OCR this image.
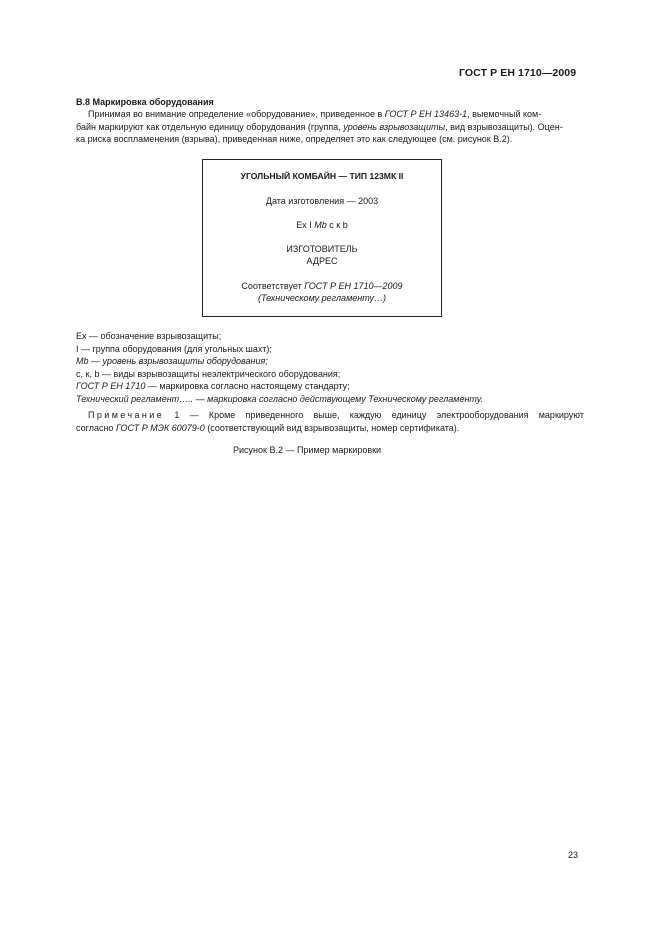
ГОСТ Р ЕН 1710—2009
В.8 Маркировка оборудования
Принимая во внимание определение «оборудование», приведенное в ГОСТ Р ЕН 13463-1, выемочный ком-
байн маркируют как отдельную единицу оборудования (группа, уровень взрывозащиты, вид взрывозащиты). Оцен-
ка риска воспламенения (взрыва), приведенная ниже, определяет это как следующее (см. рисунок В.2).
УГОЛЬНЫЙ КОМБАЙН — ТИП 123МК II
Дата изготовления — 2003
Ex I Mb c к b
ИЗГОТОВИТЕЛЬ
АДРЕС
Соответствует ГОСТ Р ЕН 1710—2009
(Техническому регламенту…)
Ex — обозначение взрывозащиты;
I — группа оборудования (для угольных шахт);
Mb — уровень взрывозащиты оборудования;
c, к, b — виды взрывозащиты неэлектрического оборудования;
ГОСТ Р ЕН 1710 — маркировка согласно настоящему стандарту;
Технический регламент….. — маркировка согласно действующему Техническому регламенту.
Примечание 1 — Кроме приведенного выше, каждую единицу электрооборудования маркируют
согласно ГОСТ Р МЭК 60079-0 (соответствующий вид взрывозащиты, номер сертификата).
Рисунок В.2 — Пример маркировки
23
